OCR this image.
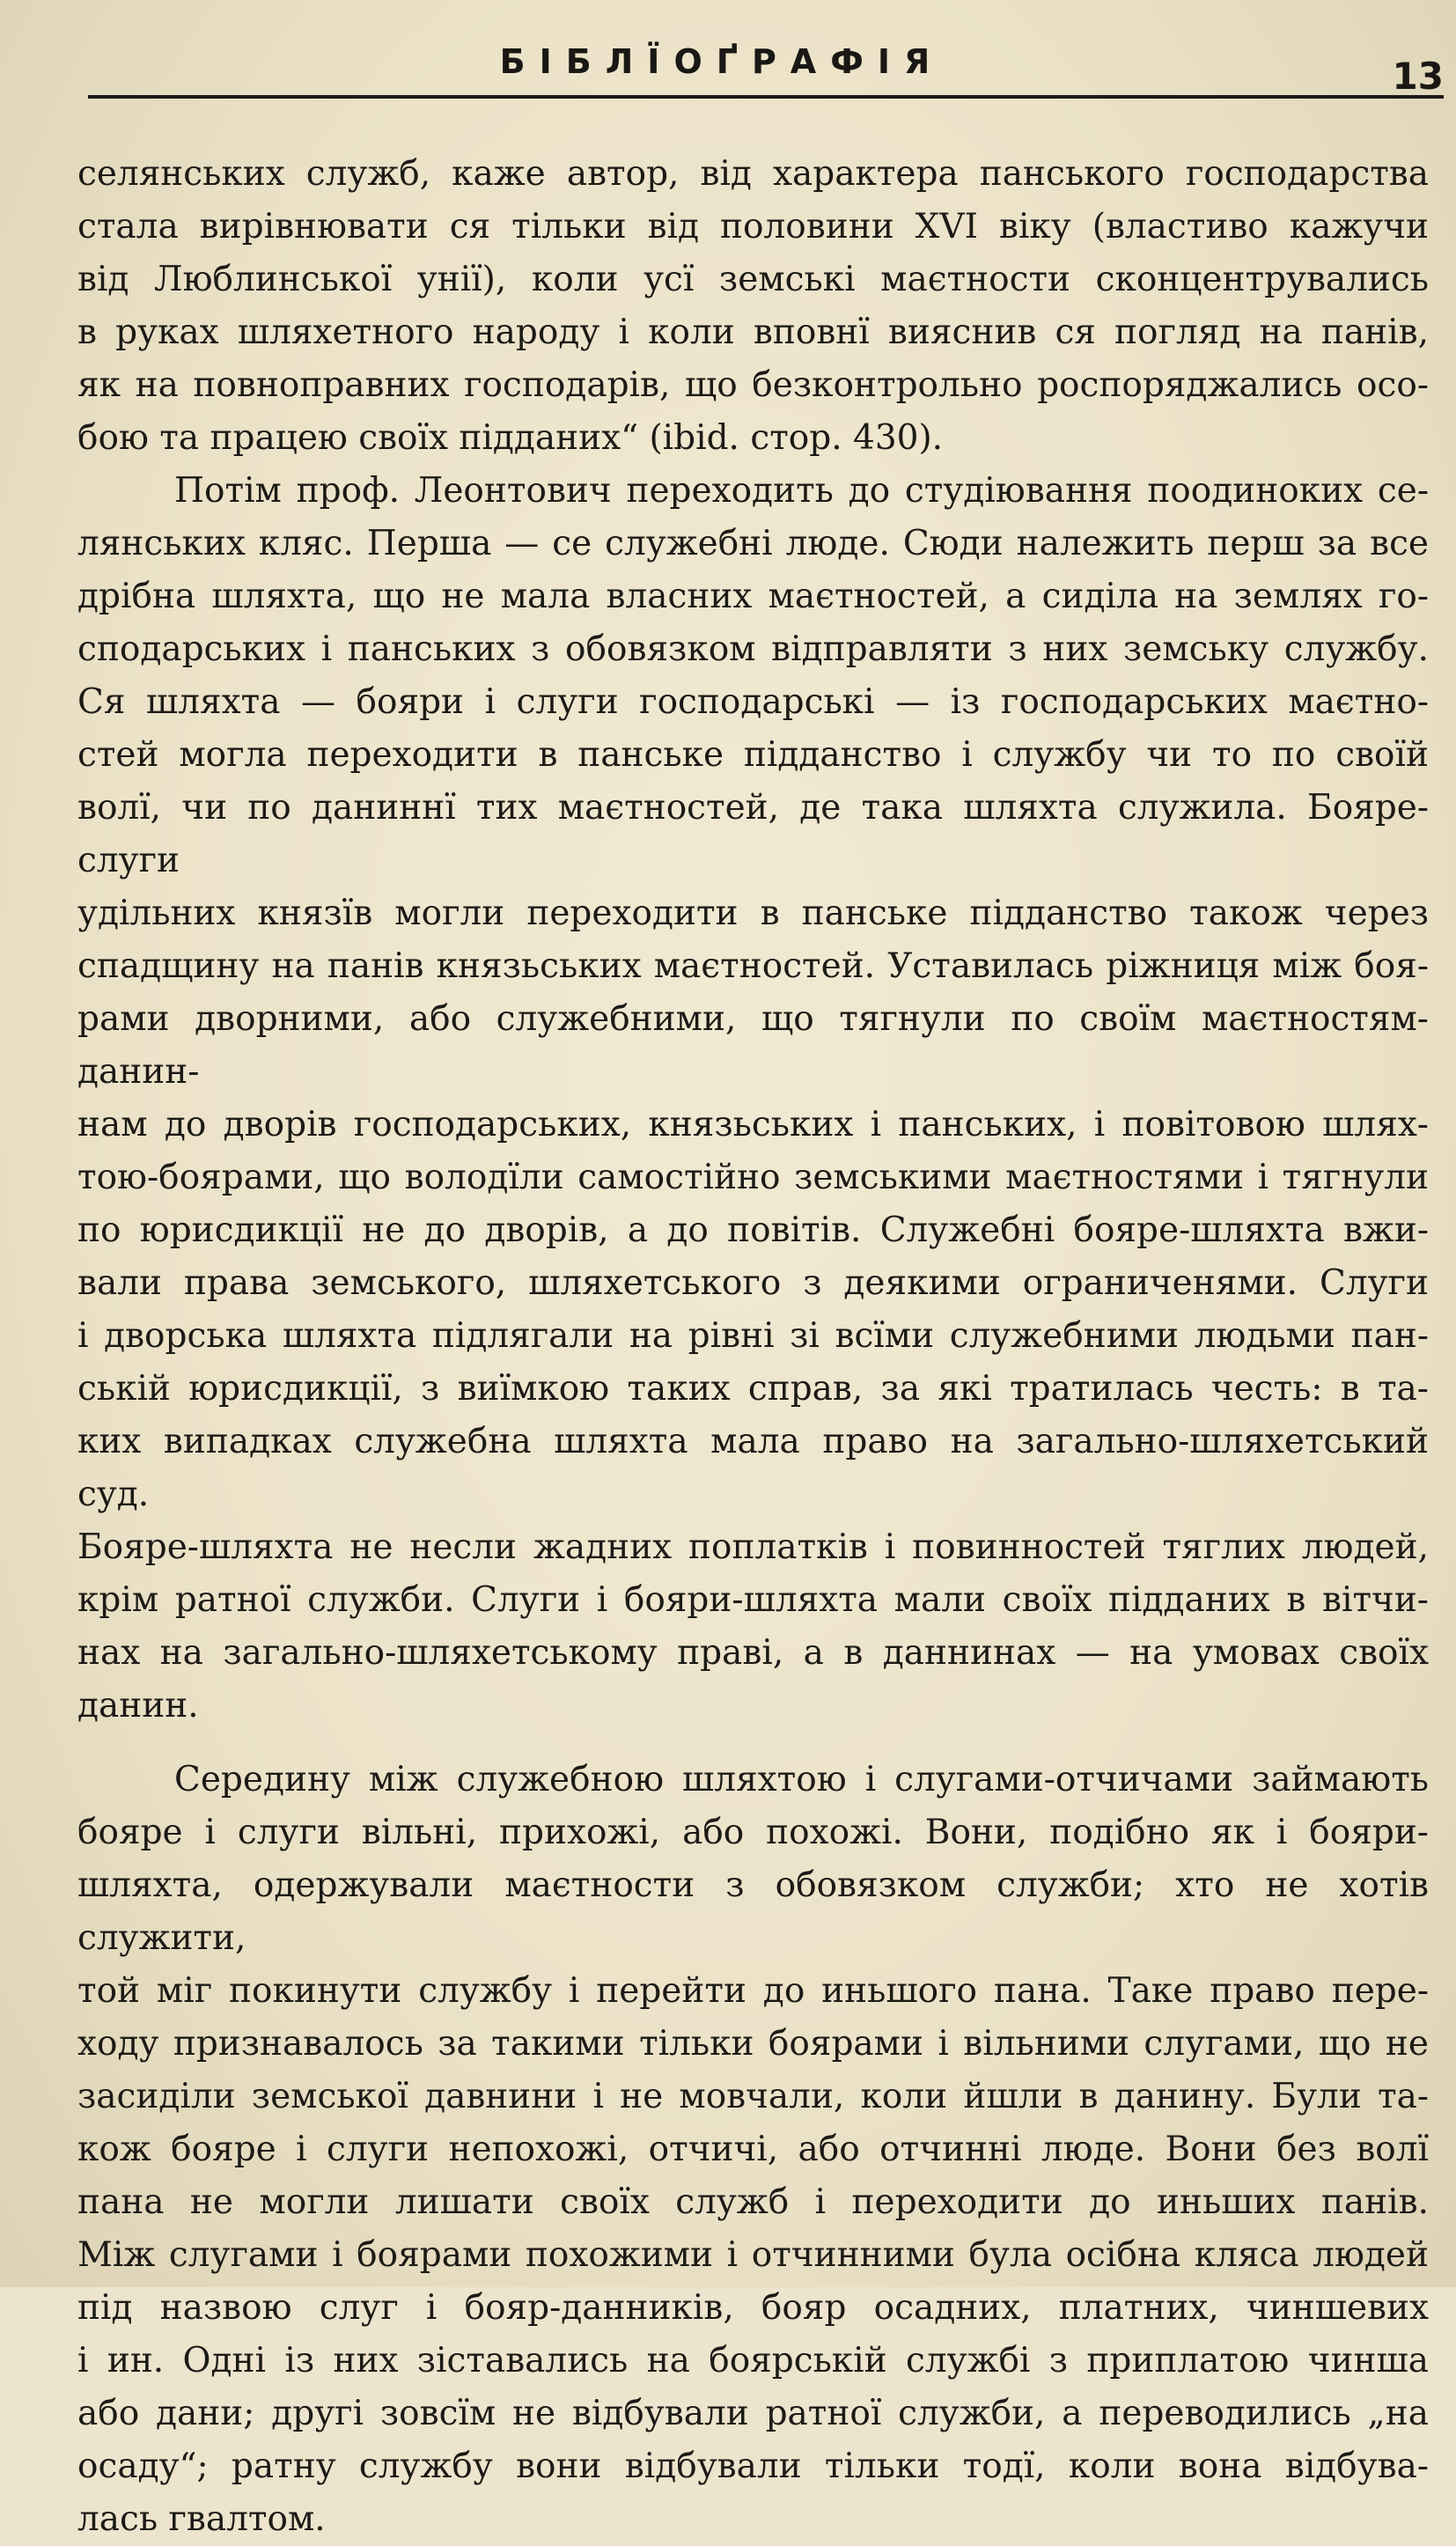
БІБЛЇОҐРАФІЯ	13

селянських служб, каже автор, від характера панського господарства

стала вирівнювати ся тільки від половини XVI віку (властиво кажучи

від Люблинської унії), коли усї земські маєтности сконцентрувались

в руках шляхетного народу і коли вповнї вияснив ся погляд на панів,

як на повноправних господарів, що безконтрольно роспоряджались осо-

бою та працею своїх підданих“ (ibid. стор. 430).

Потім проф. Леонтович переходить до студіювання поодиноких се-

лянських кляс. Перша — се служебні люде. Сюди належить перш за все

дрібна шляхта, що не мала власних маєтностей, а сиділа на землях го-

сподарських і панських з обовязком відправляти з них земську службу.

Ся шляхта — бояри і слуги господарські — із господарських маєтно-

стей могла переходити в панське підданство і службу чи то по своїй

волї, чи по даниннї тих маєтностей, де така шляхта служила. Бояре-слуги

удільних князїв могли переходити в панське підданство також через

спадщину на панів князьських маєтностей. Уставилась ріжниця між боя-

рами дворними, або служебними, що тягнули по своїм маєтностям-данин-

нам до дворів господарських, князьських і панських, і повітовою шлях-

тою-боярами, що володїли самостійно земськими маєтностями і тягнули

по юрисдикції не до дворів, а до повітів. Служебні бояре-шляхта вжи-

вали права земського, шляхетського з деякими ограниченями. Слуги

і дворська шляхта підлягали на рівні зі всїми служебними людьми пан-

ській юрисдикції, з виїмкою таких справ, за які тратилась честь: в та-

ких випадках служебна шляхта мала право на загально-шляхетський суд.

Бояре-шляхта не несли жадних поплатків і повинностей тяглих людей,

крім ратної служби. Слуги і бояри-шляхта мали своїх підданих в вітчи-

нах на загально-шляхетському праві, а в даннинах — на умовах своїх

данин.

Середину між служебною шляхтою і слугами-отчичами займають

бояре і слуги вільні, прихожі, або похожі. Вони, подібно як і бояри-

шляхта, одержували маєтности з обовязком служби; хто не хотів служити,

той міг покинути службу і перейти до иньшого пана. Таке право пере-

ходу признавалось за такими тільки боярами і вільними слугами, що не

засиділи земської давнини і не мовчали, коли йшли в данину. Були та-

кож бояре і слуги непохожі, отчичі, або отчинні люде. Вони без волї

пана не могли лишати своїх служб і переходити до иньших панів.

Між слугами і боярами похожими і отчинними була осібна кляса людей

під назвою слуг і бояр-данників, бояр осадних, платних, чиншевих

і ин. Одні із них зіставались на боярській службі з приплатою чинша

або дани; другі зовсїм не відбували ратної служби, а переводились „на

осаду“; ратну службу вони відбували тільки тодї, коли вона відбува-

лась гвалтом.
